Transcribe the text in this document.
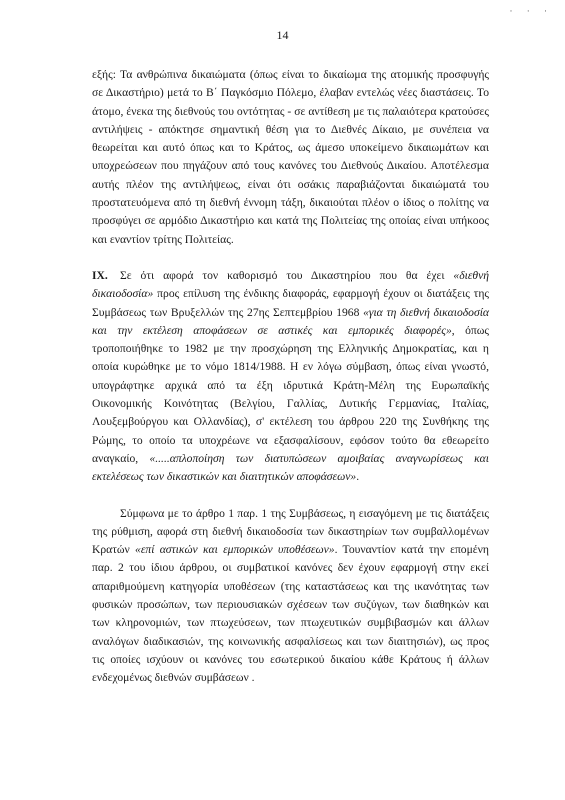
· · ·
14

εξής: Τα ανθρώπινα δικαιώματα (όπως είναι το δικαίωμα της ατομικής προσφυγής σε Δικαστήριο) μετά το Β΄ Παγκόσμιο Πόλεμο, έλαβαν εντελώς νέες διαστάσεις. Το άτομο, ένεκα της διεθνούς του οντότητας - σε αντίθεση με τις παλαιότερα κρατούσες αντιλήψεις - απόκτησε σημαντική θέση για το Διεθνές Δίκαιο, με συνέπεια να θεωρείται και αυτό όπως και το Κράτος, ως άμεσο υποκείμενο δικαιωμάτων και υποχρεώσεων που πηγάζουν από τους κανόνες του Διεθνούς Δικαίου. Αποτέλεσμα αυτής πλέον της αντιλήψεως, είναι ότι οσάκις παραβιάζονται δικαιώματά του προστατευόμενα από τη διεθνή έννομη τάξη, δικαιούται πλέον ο ίδιος ο πολίτης να προσφύγει σε αρμόδιο Δικαστήριο και κατά της Πολιτείας της οποίας είναι υπήκοος και εναντίον τρίτης Πολιτείας.

IX. Σε ότι αφορά τον καθορισμό του Δικαστηρίου που θα έχει «διεθνή δικαιοδοσία» προς επίλυση της ένδικης διαφοράς, εφαρμογή έχουν οι διατάξεις της Συμβάσεως των Βρυξελλών της 27ης Σεπτεμβρίου 1968 «για τη διεθνή δικαιοδοσία και την εκτέλεση αποφάσεων σε αστικές και εμπορικές διαφορές», όπως τροποποιήθηκε το 1982 με την προσχώρηση της Ελληνικής Δημοκρατίας, και η οποία κυρώθηκε με το νόμο 1814/1988. Η εν λόγω σύμβαση, όπως είναι γνωστό, υπογράφτηκε αρχικά από τα έξη ιδρυτικά Κράτη-Μέλη της Ευρωπαϊκής Οικονομικής Κοινότητας (Βελγίου, Γαλλίας, Δυτικής Γερμανίας, Ιταλίας, Λουξεμβούργου και Ολλανδίας), σ' εκτέλεση του άρθρου 220 της Συνθήκης της Ρώμης, το οποίο τα υποχρέωνε να εξασφαλίσουν, εφόσον τούτο θα εθεωρείτο αναγκαίο, «.....απλοποίηση των διατυπώσεων αμοιβαίας αναγνωρίσεως και εκτελέσεως των δικαστικών και διαιτητικών αποφάσεων».

Σύμφωνα με το άρθρο 1 παρ. 1 της Συμβάσεως, η εισαγόμενη με τις διατάξεις της ρύθμιση, αφορά στη διεθνή δικαιοδοσία των δικαστηρίων των συμβαλλομένων Κρατών «επί αστικών και εμπορικών υποθέσεων». Τουναντίον κατά την επομένη παρ. 2 του ίδιου άρθρου, οι συμβατικοί κανόνες δεν έχουν εφαρμογή στην εκεί απαριθμούμενη κατηγορία υποθέσεων (της καταστάσεως και της ικανότητας των φυσικών προσώπων, των περιουσιακών σχέσεων των συζύγων, των διαθηκών και των κληρονομιών, των πτωχεύσεων, των πτωχευτικών συμβιβασμών και άλλων αναλόγων διαδικασιών, της κοινωνικής ασφαλίσεως και των διαιτησιών), ως προς τις οποίες ισχύουν οι κανόνες του εσωτερικού δικαίου κάθε Κράτους ή άλλων ενδεχομένως διεθνών συμβάσεων .
